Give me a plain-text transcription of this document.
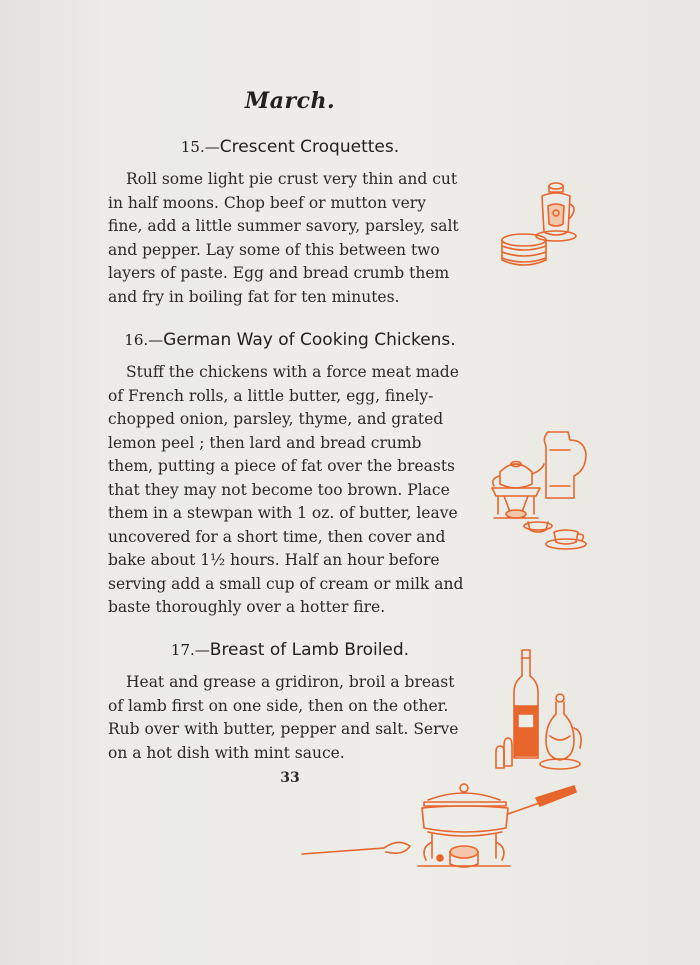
March.
15.—Crescent Croquettes.
Roll some light pie crust very thin and cut
in half moons. Chop beef or mutton very
fine, add a little summer savory, parsley, salt
and pepper. Lay some of this between two
layers of paste. Egg and bread crumb them
and fry in boiling fat for ten minutes.
16.—German Way of Cooking Chickens.
Stuff the chickens with a force meat made
of French rolls, a little butter, egg, finely-
chopped onion, parsley, thyme, and grated
lemon peel ; then lard and bread crumb
them, putting a piece of fat over the breasts
that they may not become too brown. Place
them in a stewpan with 1 oz. of butter, leave
uncovered for a short time, then cover and
bake about 1½ hours. Half an hour before
serving add a small cup of cream or milk and
baste thoroughly over a hotter fire.
17.—Breast of Lamb Broiled.
Heat and grease a gridiron, broil a breast
of lamb first on one side, then on the other.
Rub over with butter, pepper and salt. Serve
on a hot dish with mint sauce.
33
